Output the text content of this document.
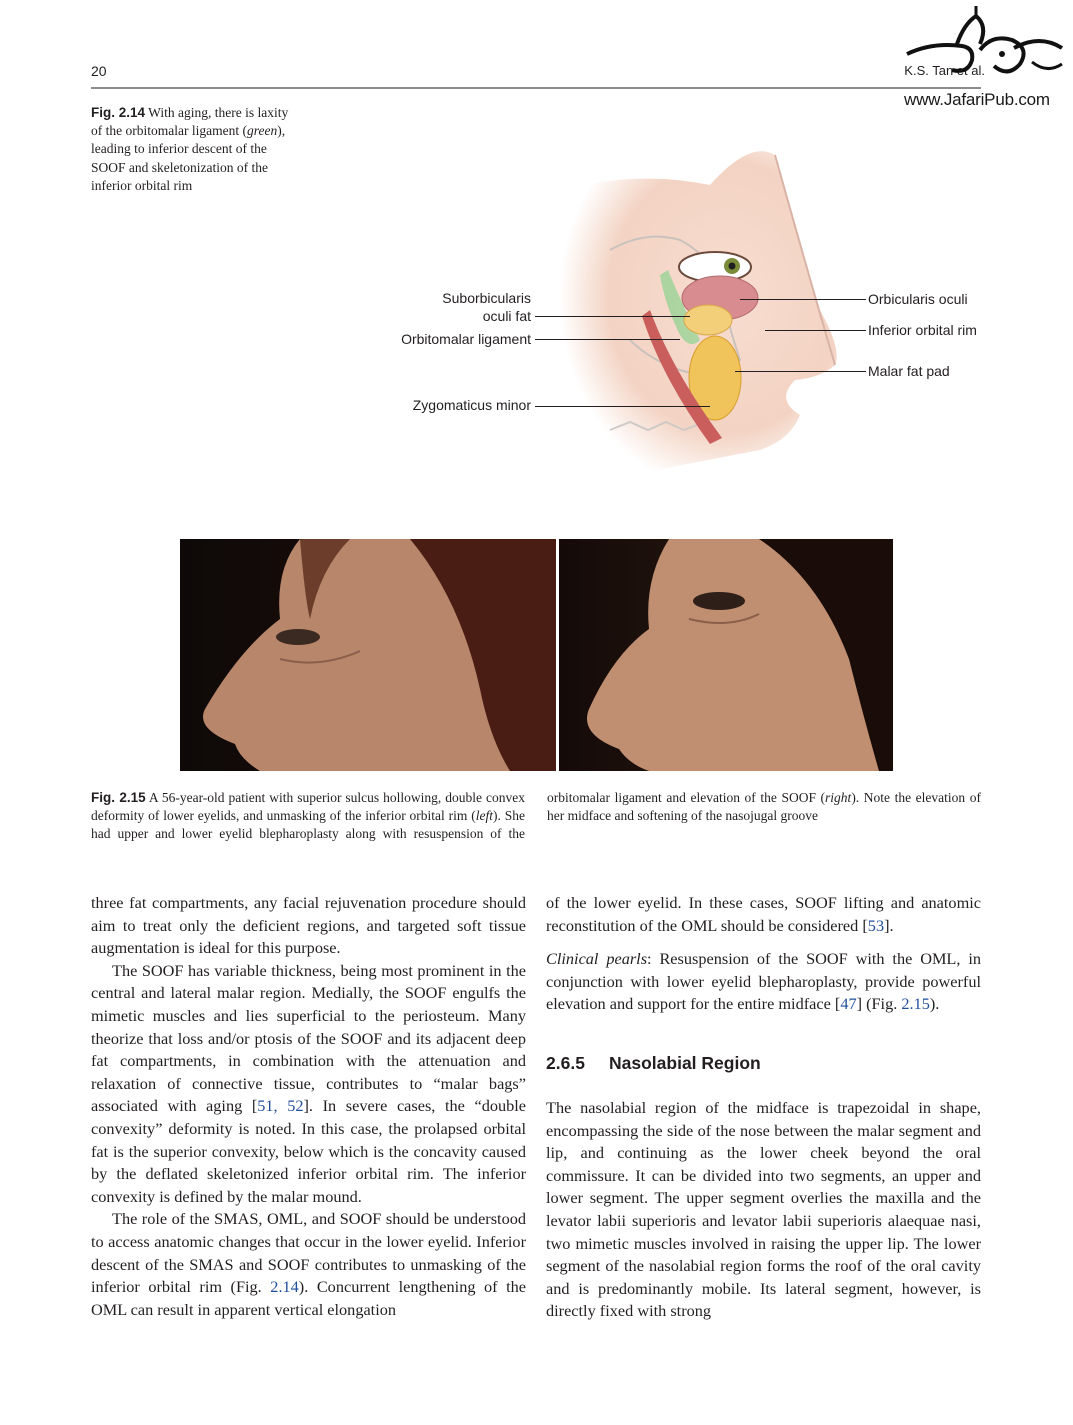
20	K.S. Tan et al.
www.JafariPub.com
Fig. 2.14 With aging, there is laxity of the orbitomalar ligament (green), leading to inferior descent of the SOOF and skeletonization of the inferior orbital rim
Suborbicularis
oculi fat
Orbitomalar ligament
Zygomaticus minor
Orbicularis oculi
Inferior orbital rim
Malar fat pad
Fig. 2.15 A 56-year-old patient with superior sulcus hollowing, double convex deformity of lower eyelids, and unmasking of the inferior orbital rim (left). She had upper and lower eyelid blepharoplasty along with resuspension of the orbitomalar ligament and elevation of the SOOF (right). Note the elevation of her midface and softening of the nasojugal groove

three fat compartments, any facial rejuvenation procedure should aim to treat only the deficient regions, and targeted soft tissue augmentation is ideal for this purpose.

The SOOF has variable thickness, being most prominent in the central and lateral malar region. Medially, the SOOF engulfs the mimetic muscles and lies superficial to the periosteum. Many theorize that loss and/or ptosis of the SOOF and its adjacent deep fat compartments, in combination with the attenuation and relaxation of connective tissue, contributes to “malar bags” associated with aging [51, 52]. In severe cases, the “double convexity” deformity is noted. In this case, the prolapsed orbital fat is the superior convexity, below which is the concavity caused by the deflated skeletonized inferior orbital rim. The inferior convexity is defined by the malar mound.

The role of the SMAS, OML, and SOOF should be understood to access anatomic changes that occur in the lower eyelid. Inferior descent of the SMAS and SOOF contributes to unmasking of the inferior orbital rim (Fig. 2.14). Concurrent lengthening of the OML can result in apparent vertical elongation

of the lower eyelid. In these cases, SOOF lifting and anatomic reconstitution of the OML should be considered [53].

Clinical pearls: Resuspension of the SOOF with the OML, in conjunction with lower eyelid blepharoplasty, provide powerful elevation and support for the entire midface [47] (Fig. 2.15).

2.6.5 Nasolabial Region

The nasolabial region of the midface is trapezoidal in shape, encompassing the side of the nose between the malar segment and lip, and continuing as the lower cheek beyond the oral commissure. It can be divided into two segments, an upper and lower segment. The upper segment overlies the maxilla and the levator labii superioris and levator labii superioris alaequae nasi, two mimetic muscles involved in raising the upper lip. The lower segment of the nasolabial region forms the roof of the oral cavity and is predominantly mobile. Its lateral segment, however, is directly fixed with strong
